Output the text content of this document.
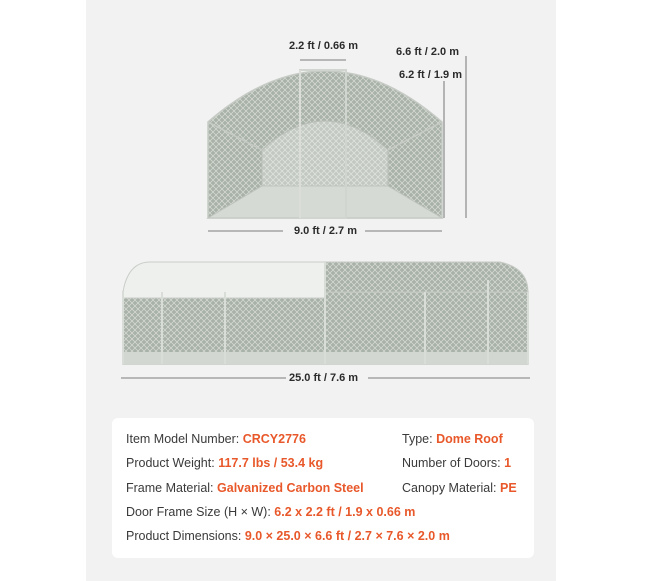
2.2 ft / 0.66 m	6.6 ft / 2.0 m
6.2 ft / 1.9 m
9.0 ft / 2.7 m
25.0 ft / 7.6 m
Item Model Number: CRCY2776	Type: Dome Roof
Product Weight: 117.7 lbs / 53.4 kg	Number of Doors: 1
Frame Material: Galvanized Carbon Steel	Canopy Material: PE
Door Frame Size (H × W): 6.2 x 2.2 ft / 1.9 x 0.66 m
Product Dimensions: 9.0 × 25.0 × 6.6 ft / 2.7 × 7.6 × 2.0 m
